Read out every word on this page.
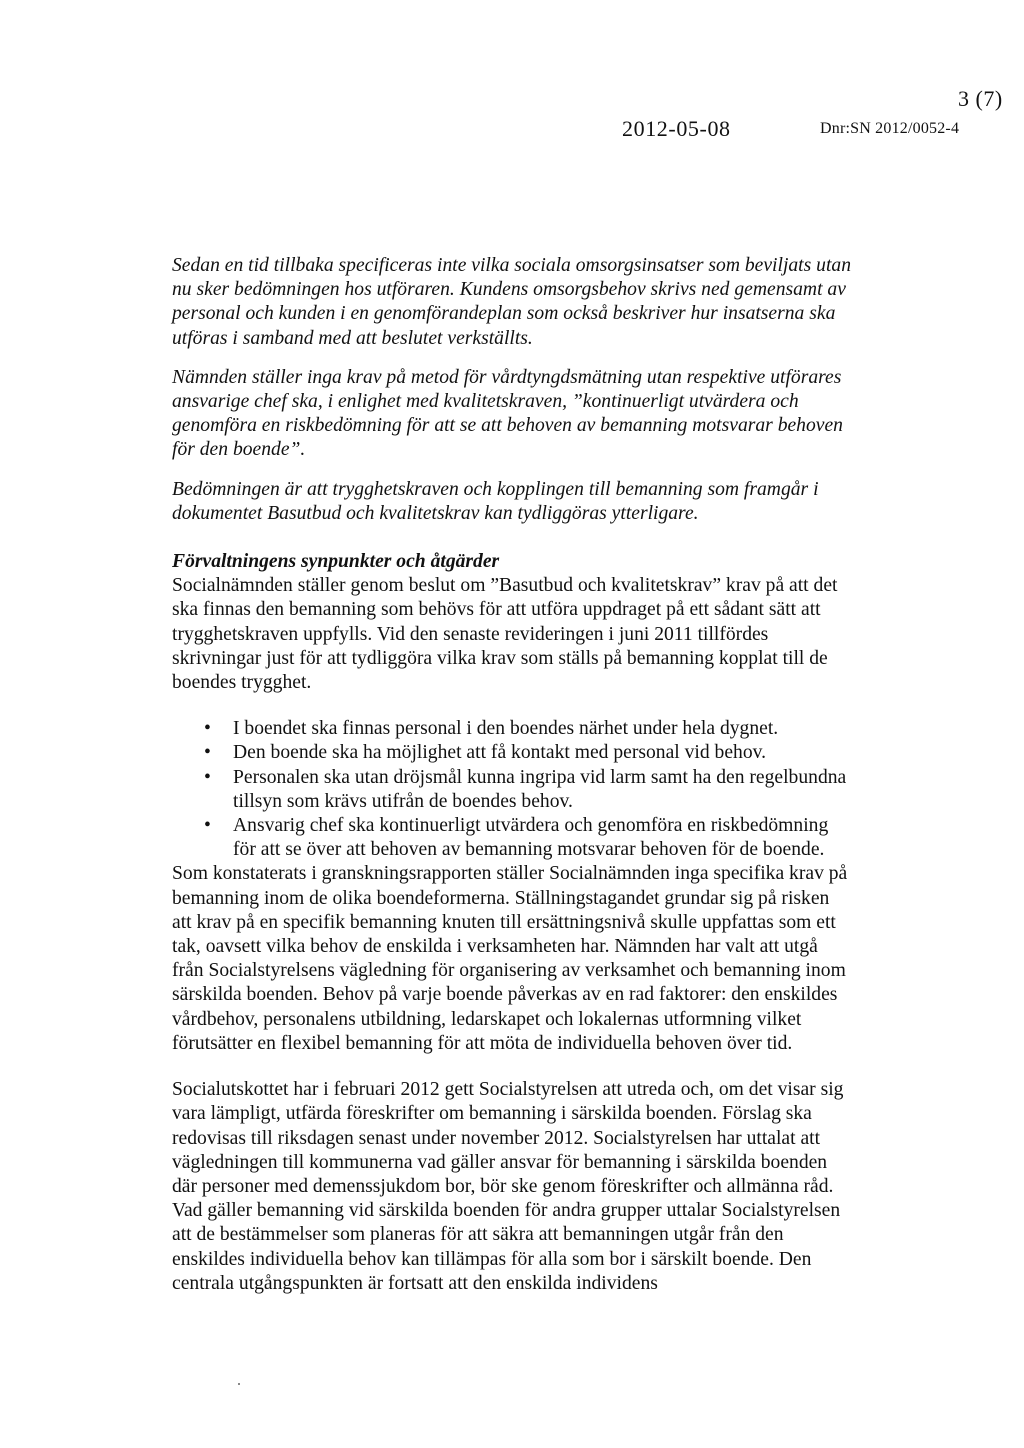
3 (7)
2012-05-08	Dnr:SN 2012/0052-4

Sedan en tid tillbaka specificeras inte vilka sociala omsorgsinsatser som beviljats utan nu sker bedömningen hos utföraren. Kundens omsorgsbehov skrivs ned gemensamt av personal och kunden i en genomförandeplan som också beskriver hur insatserna ska utföras i samband med att beslutet verkställts.

Nämnden ställer inga krav på metod för vårdtyngdsmätning utan respektive utförares ansvarige chef ska, i enlighet med kvalitetskraven, ”kontinuerligt utvärdera och genomföra en riskbedömning för att se att behoven av bemanning motsvarar behoven för den boende”.

Bedömningen är att trygghetskraven och kopplingen till bemanning som framgår i dokumentet Basutbud och kvalitetskrav kan tydliggöras ytterligare.

Förvaltningens synpunkter och åtgärder

Socialnämnden ställer genom beslut om ”Basutbud och kvalitetskrav” krav på att det ska finnas den bemanning som behövs för att utföra uppdraget på ett sådant sätt att trygghetskraven uppfylls. Vid den senaste revideringen i juni 2011 tillfördes skrivningar just för att tydliggöra vilka krav som ställs på bemanning kopplat till de boendes trygghet.

• I boendet ska finnas personal i den boendes närhet under hela dygnet.
• Den boende ska ha möjlighet att få kontakt med personal vid behov.
• Personalen ska utan dröjsmål kunna ingripa vid larm samt ha den regelbundna tillsyn som krävs utifrån de boendes behov.
• Ansvarig chef ska kontinuerligt utvärdera och genomföra en riskbedömning för att se över att behoven av bemanning motsvarar behoven för de boende.

Som konstaterats i granskningsrapporten ställer Socialnämnden inga specifika krav på bemanning inom de olika boendeformerna. Ställningstagandet grundar sig på risken att krav på en specifik bemanning knuten till ersättningsnivå skulle uppfattas som ett tak, oavsett vilka behov de enskilda i verksamheten har. Nämnden har valt att utgå från Socialstyrelsens vägledning för organisering av verksamhet och bemanning inom särskilda boenden. Behov på varje boende påverkas av en rad faktorer: den enskildes vårdbehov, personalens utbildning, ledarskapet och lokalernas utformning vilket förutsätter en flexibel bemanning för att möta de individuella behoven över tid.

Socialutskottet har i februari 2012 gett Socialstyrelsen att utreda och, om det visar sig vara lämpligt, utfärda föreskrifter om bemanning i särskilda boenden. Förslag ska redovisas till riksdagen senast under november 2012. Socialstyrelsen har uttalat att vägledningen till kommunerna vad gäller ansvar för bemanning i särskilda boenden där personer med demenssjukdom bor, bör ske genom föreskrifter och allmänna råd. Vad gäller bemanning vid särskilda boenden för andra grupper uttalar Socialstyrelsen att de bestämmelser som planeras för att säkra att bemanningen utgår från den enskildes individuella behov kan tillämpas för alla som bor i särskilt boende. Den centrala utgångspunkten är fortsatt att den enskilda individens
